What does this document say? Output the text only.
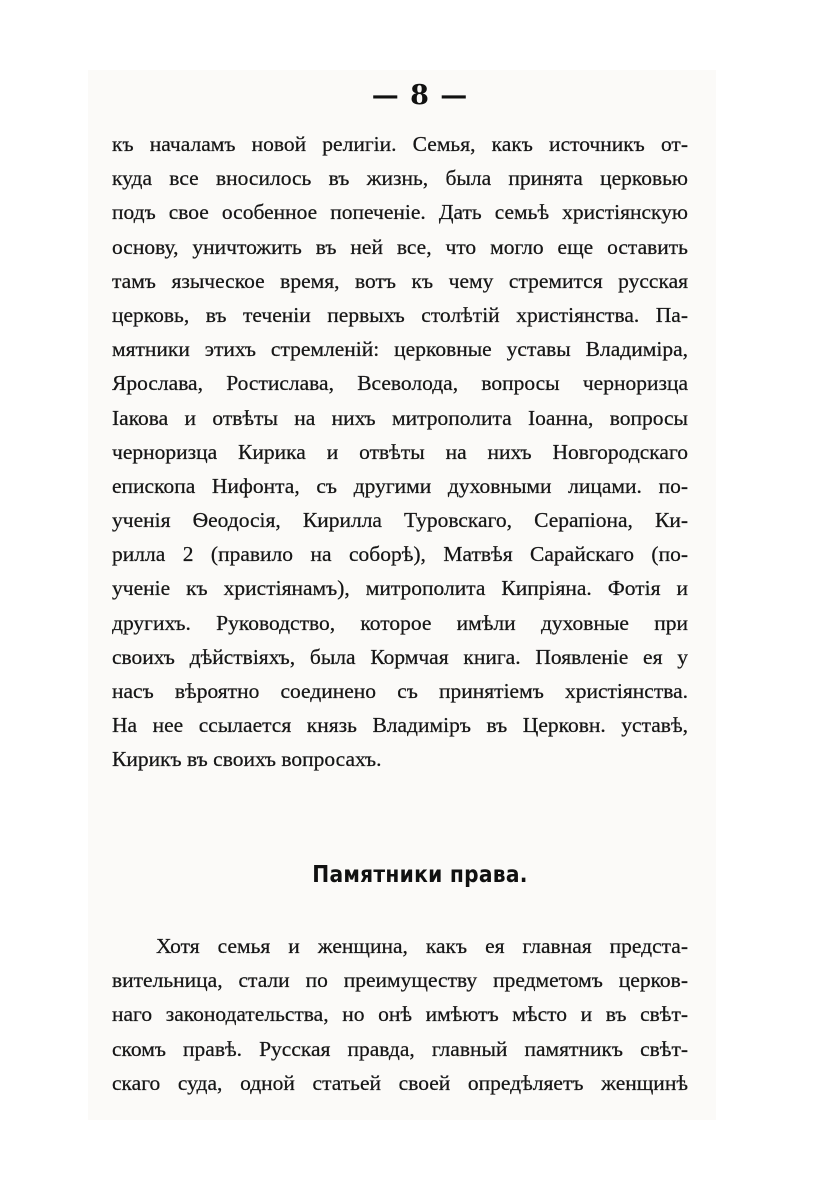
— 8 —
къ началамъ новой религіи. Семья, какъ источникъ от-
куда все вносилось въ жизнь, была принята церковью
подъ свое особенное попеченіе. Дать семьѣ христіянскую
основу, уничтожить въ ней все, что могло еще оставить
тамъ языческое время, вотъ къ чему стремится русская
церковь, въ теченіи первыхъ столѣтій христіянства. Па-
мятники этихъ стремленій: церковные уставы Владиміра,
Ярослава, Ростислава, Всеволода, вопросы черноризца
Іакова и отвѣты на нихъ митрополита Іоанна, вопросы
черноризца Кирика и отвѣты на нихъ Новгородскаго
епископа Нифонта, съ другими духовными лицами. по-
ученія Ѳеодосія, Кирилла Туровскаго, Серапіона, Ки-
рилла 2 (правило на соборѣ), Матвѣя Сарайскаго (по-
ученіе къ христіянамъ), митрополита Кипріяна. Фотія и
другихъ. Руководство, которое имѣли духовные при
своихъ дѣйствіяхъ, была Кормчая книга. Появленіе ея у
насъ вѣроятно соединено съ принятіемъ христіянства.
На нее ссылается князь Владиміръ въ Церковн. уставѣ,
Кирикъ въ своихъ вопросахъ.
Памятники права.
Хотя семья и женщина, какъ ея главная предста-
вительница, стали по преимуществу предметомъ церков-
наго законодательства, но онѣ имѣютъ мѣсто и въ свѣт-
скомъ правѣ. Русская правда, главный памятникъ свѣт-
скаго суда, одной статьей своей опредѣляетъ женщинѣ
